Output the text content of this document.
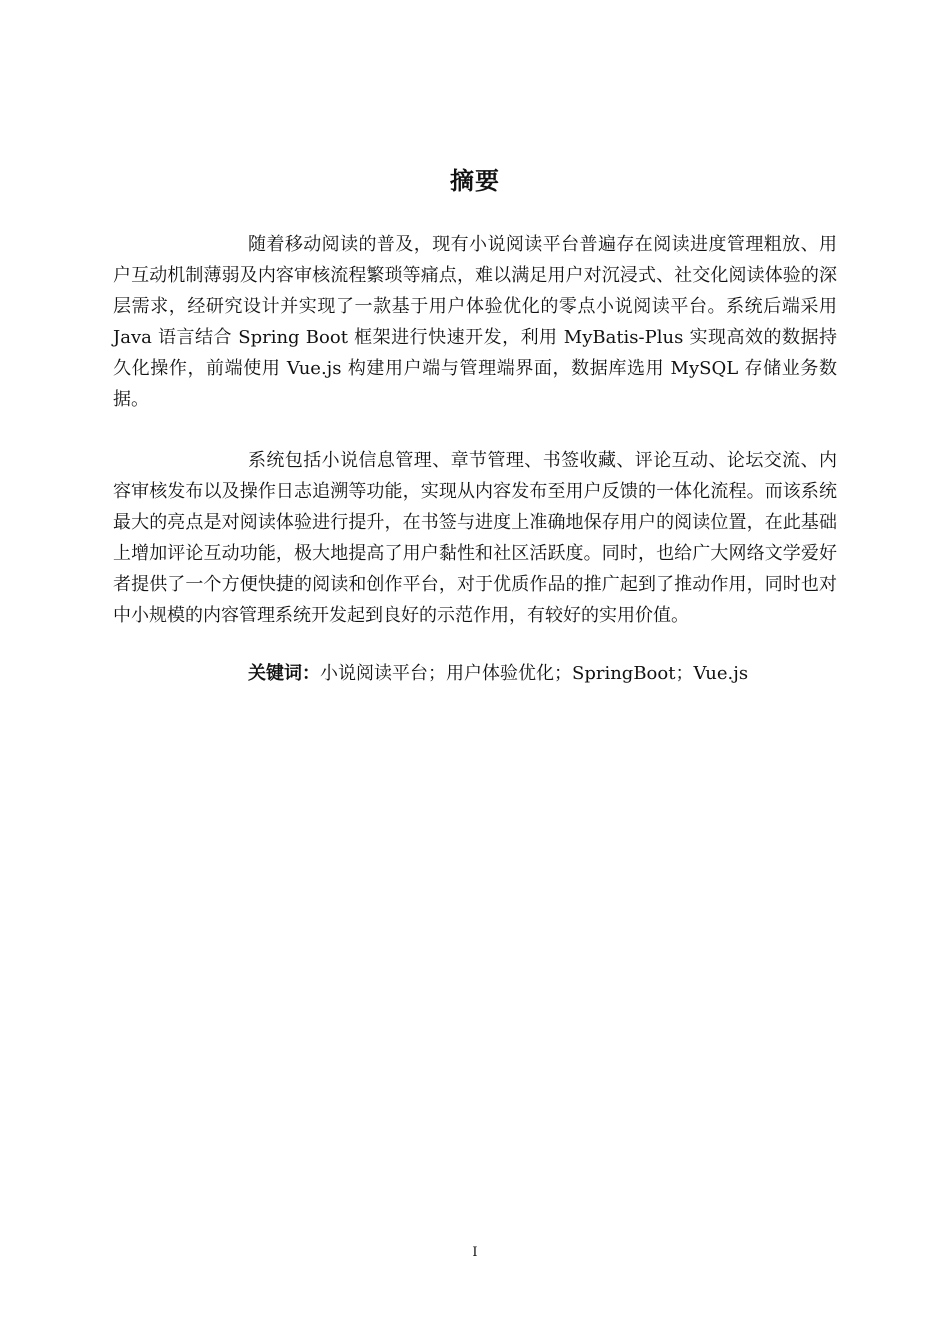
摘要

随着移动阅读的普及，现有小说阅读平台普遍存在阅读进度管理粗放、用户互动机制薄弱及内容审核流程繁琐等痛点，难以满足用户对沉浸式、社交化阅读体验的深层需求，经研究设计并实现了一款基于用户体验优化的零点小说阅读平台。系统后端采用 Java 语言结合 Spring Boot 框架进行快速开发，利用 MyBatis-Plus 实现高效的数据持久化操作，前端使用 Vue.js 构建用户端与管理端界面，数据库选用 MySQL 存储业务数据。

系统包括小说信息管理、章节管理、书签收藏、评论互动、论坛交流、内容审核发布以及操作日志追溯等功能，实现从内容发布至用户反馈的一体化流程。而该系统最大的亮点是对阅读体验进行提升，在书签与进度上准确地保存用户的阅读位置，在此基础上增加评论互动功能，极大地提高了用户黏性和社区活跃度。同时，也给广大网络文学爱好者提供了一个方便快捷的阅读和创作平台，对于优质作品的推广起到了推动作用，同时也对中小规模的内容管理系统开发起到良好的示范作用，有较好的实用价值。

关键词：小说阅读平台；用户体验优化；SpringBoot；Vue.js
I
